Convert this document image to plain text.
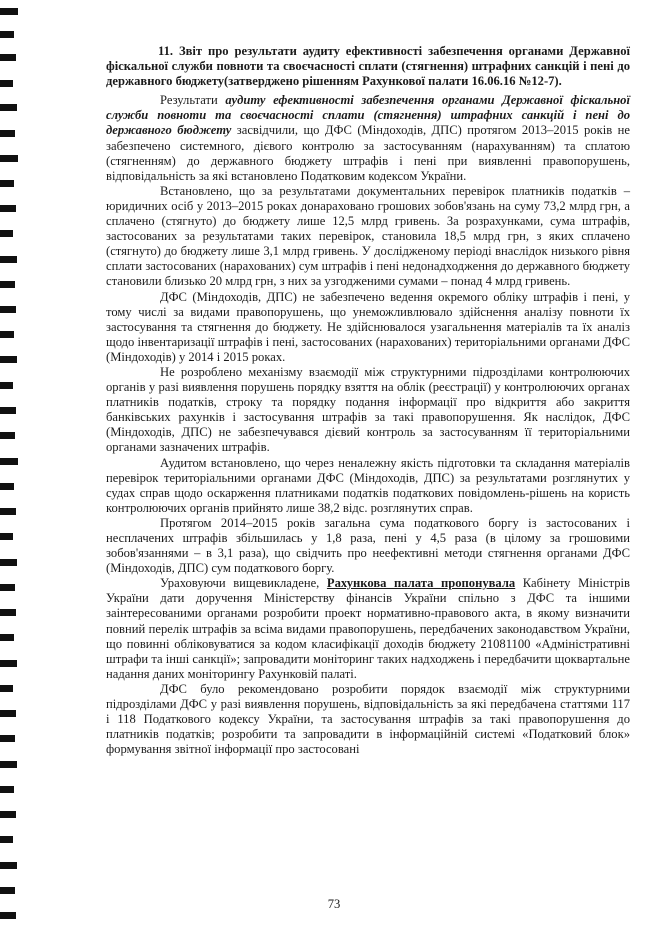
11. Звіт про результати аудиту ефективності забезпечення органами Державної фіскальної служби повноти та своєчасності сплати (стягнення) штрафних санкцій і пені до державного бюджету(затверджено рішенням Рахункової палати 16.06.16 №12-7).

Результати аудиту ефективності забезпечення органами Державної фіскальної служби повноти та своєчасності сплати (стягнення) штрафних санкцій і пені до державного бюджету засвідчили, що ДФС (Міндоходів, ДПС) протягом 2013–2015 років не забезпечено системного, дієвого контролю за застосуванням (нарахуванням) та сплатою (стягненням) до державного бюджету штрафів і пені при виявленні правопорушень, відповідальність за які встановлено Податковим кодексом України.

Встановлено, що за результатами документальних перевірок платників податків – юридичних осіб у 2013–2015 роках донараховано грошових зобов'язань на суму 73,2 млрд грн, а сплачено (стягнуто) до бюджету лише 12,5 млрд гривень. За розрахунками, сума штрафів, застосованих за результатами таких перевірок, становила 18,5 млрд грн, з яких сплачено (стягнуто) до бюджету лише 3,1 млрд гривень. У дослідженому періоді внаслідок низького рівня сплати застосованих (нарахованих) сум штрафів і пені недонадходження до державного бюджету становили близько 20 млрд грн, з них за узгодженими сумами – понад 4 млрд гривень.

ДФС (Міндоходів, ДПС) не забезпечено ведення окремого обліку штрафів і пені, у тому числі за видами правопорушень, що унеможливлювало здійснення аналізу повноти їх застосування та стягнення до бюджету. Не здійснювалося узагальнення матеріалів та їх аналіз щодо інвентаризації штрафів і пені, застосованих (нарахованих) територіальними органами ДФС (Міндоходів) у 2014 і 2015 роках.

Не розроблено механізму взаємодії між структурними підрозділами контролюючих органів у разі виявлення порушень порядку взяття на облік (реєстрації) у контролюючих органах платників податків, строку та порядку подання інформації про відкриття або закриття банківських рахунків і застосування штрафів за такі правопорушення. Як наслідок, ДФС (Міндоходів, ДПС) не забезпечувався дієвий контроль за застосуванням її територіальними органами зазначених штрафів.

Аудитом встановлено, що через неналежну якість підготовки та складання матеріалів перевірок територіальними органами ДФС (Міндоходів, ДПС) за результатами розглянутих у судах справ щодо оскарження платниками податків податкових повідомлень-рішень на користь контролюючих органів прийнято лише 38,2 відс. розглянутих справ.

Протягом 2014–2015 років загальна сума податкового боргу із застосованих і несплачених штрафів збільшилась у 1,8 раза, пені у 4,5 раза (в цілому за грошовими зобов'язаннями – в 3,1 раза), що свідчить про неефективні методи стягнення органами ДФС (Міндоходів, ДПС) сум податкового боргу.

Ураховуючи вищевикладене, Рахункова палата пропонувала Кабінету Міністрів України дати доручення Міністерству фінансів України спільно з ДФС та іншими заінтересованими органами розробити проект нормативно-правового акта, в якому визначити повний перелік штрафів за всіма видами правопорушень, передбачених законодавством України, що повинні обліковуватися за кодом класифікації доходів бюджету 21081100 «Адміністративні штрафи та інші санкції»; запровадити моніторинг таких надходжень і передбачити щоквартальне надання даних моніторингу Рахунковій палаті.

ДФС було рекомендовано розробити порядок взаємодії між структурними підрозділами ДФС у разі виявлення порушень, відповідальність за які передбачена статтями 117 і 118 Податкового кодексу України, та застосування штрафів за такі правопорушення до платників податків; розробити та запровадити в інформаційній системі «Податковий блок» формування звітної інформації про застосовані

73
